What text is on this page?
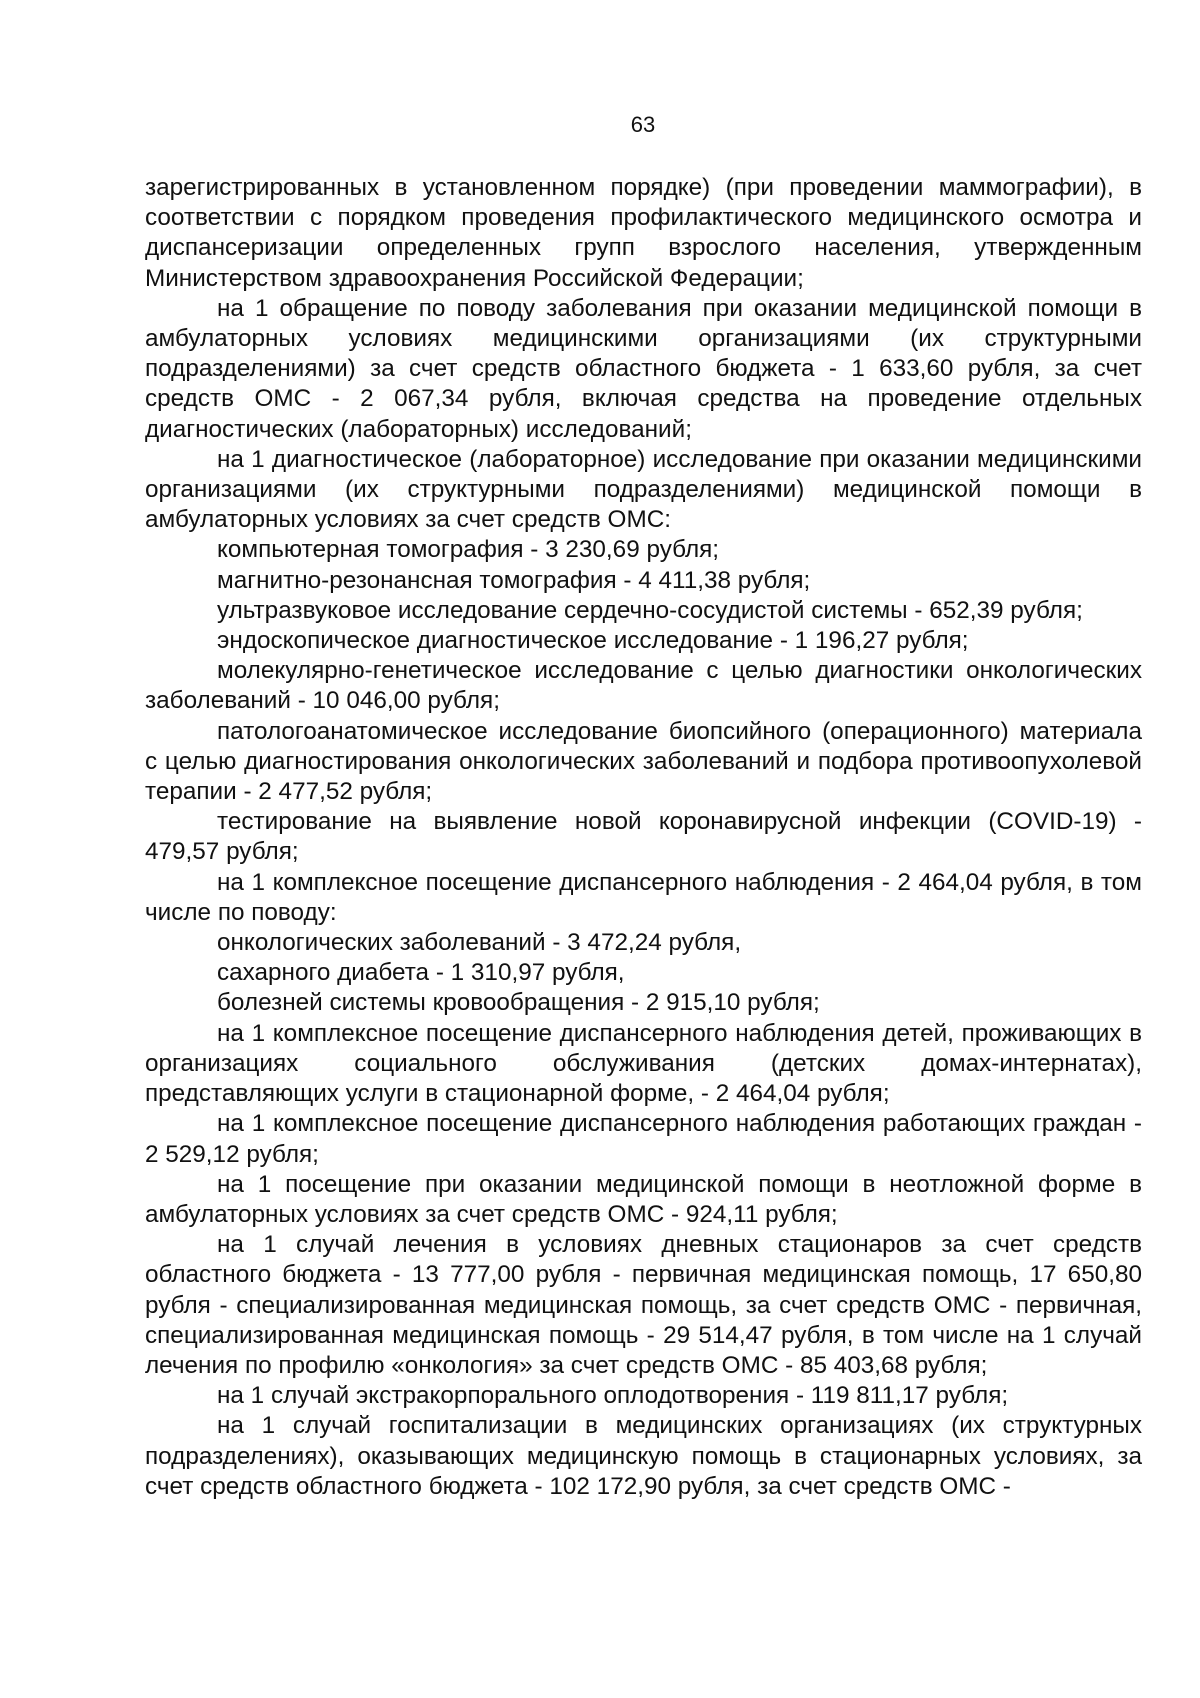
63

зарегистрированных в установленном порядке) (при проведении маммографии), в соответствии с порядком проведения профилактического медицинского осмотра и диспансеризации определенных групп взрослого населения, утвержденным Министерством здравоохранения Российской Федерации;

на 1 обращение по поводу заболевания при оказании медицинской помощи в амбулаторных условиях медицинскими организациями (их структурными подразделениями) за счет средств областного бюджета - 1 633,60 рубля, за счет средств ОМС - 2 067,34 рубля, включая средства на проведение отдельных диагностических (лабораторных) исследований;

на 1 диагностическое (лабораторное) исследование при оказании медицинскими организациями (их структурными подразделениями) медицинской помощи в амбулаторных условиях за счет средств ОМС:

компьютерная томография - 3 230,69 рубля;

магнитно-резонансная томография - 4 411,38 рубля;

ультразвуковое исследование сердечно-сосудистой системы - 652,39 рубля;

эндоскопическое диагностическое исследование - 1 196,27 рубля;

молекулярно-генетическое исследование с целью диагностики онкологических заболеваний - 10 046,00 рубля;

патологоанатомическое исследование биопсийного (операционного) материала с целью диагностирования онкологических заболеваний и подбора противоопухолевой терапии - 2 477,52 рубля;

тестирование на выявление новой коронавирусной инфекции (COVID-19) - 479,57 рубля;

на 1 комплексное посещение диспансерного наблюдения - 2 464,04 рубля, в том числе по поводу:

онкологических заболеваний - 3 472,24 рубля,

сахарного диабета - 1 310,97 рубля,

болезней системы кровообращения - 2 915,10 рубля;

на 1 комплексное посещение диспансерного наблюдения детей, проживающих в организациях социального обслуживания (детских домах-интернатах), представляющих услуги в стационарной форме, - 2 464,04 рубля;

на 1 комплексное посещение диспансерного наблюдения работающих граждан - 2 529,12 рубля;

на 1 посещение при оказании медицинской помощи в неотложной форме в амбулаторных условиях за счет средств ОМС - 924,11 рубля;

на 1 случай лечения в условиях дневных стационаров за счет средств областного бюджета - 13 777,00 рубля - первичная медицинская помощь, 17 650,80 рубля - специализированная медицинская помощь, за счет средств ОМС - первичная, специализированная медицинская помощь - 29 514,47 рубля, в том числе на 1 случай лечения по профилю «онкология» за счет средств ОМС - 85 403,68 рубля;

на 1 случай экстракорпорального оплодотворения - 119 811,17 рубля;

на 1 случай госпитализации в медицинских организациях (их структурных подразделениях), оказывающих медицинскую помощь в стационарных условиях, за счет средств областного бюджета - 102 172,90 рубля, за счет средств ОМС -
